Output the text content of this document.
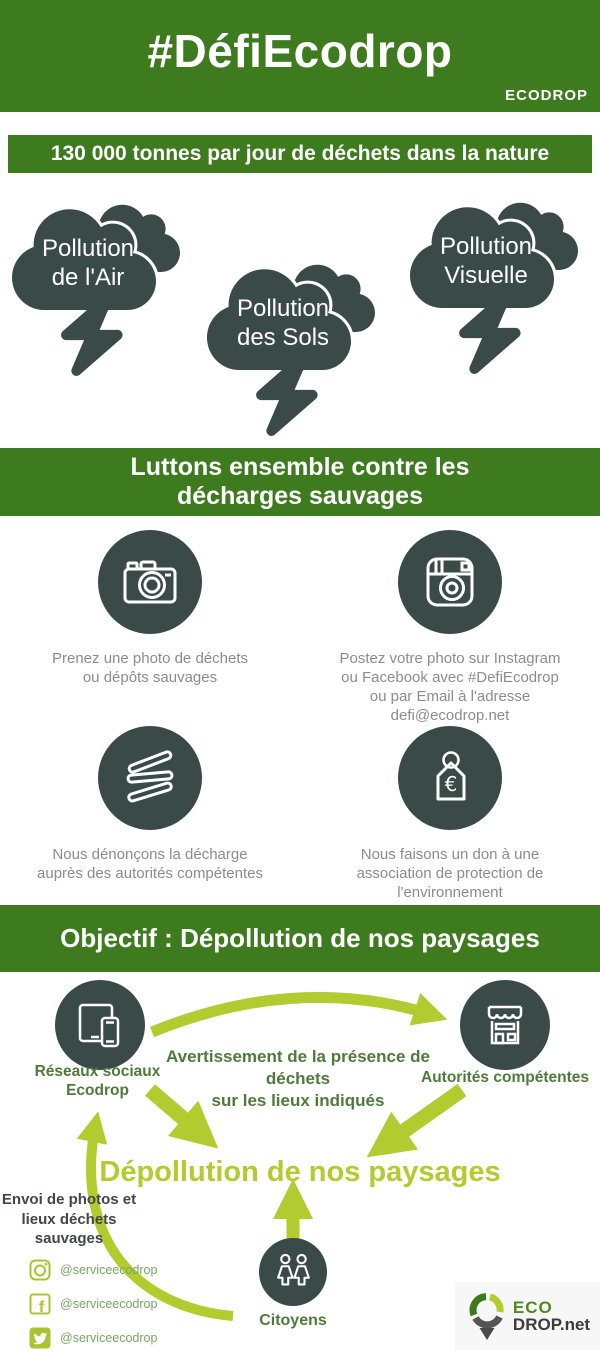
#DéfiEcodrop
ECODROP
130 000 tonnes par jour de déchets dans la nature
Pollution
de l'Air
Pollution
des Sols
Pollution
Visuelle
Luttons ensemble contre les
décharges sauvages
Prenez une photo de déchets
ou dépôts sauvages
Postez votre photo sur Instagram
ou Facebook avec #DefiEcodrop
ou par Email à l'adresse
defi@ecodrop.net
Nous dénonçons la décharge
auprès des autorités compétentes
€
Nous faisons un don à une
association de protection de
l'environnement
Objectif : Dépollution de nos paysages
Réseaux sociaux
Ecodrop
Autorités compétentes
Avertissement de la présence de déchets
sur les lieux indiqués
Dépollution de nos paysages
Envoi de photos et
lieux déchets
sauvages
Citoyens
@serviceecodrop
f @serviceecodrop
@serviceecodrop
ECO
DROP.net
